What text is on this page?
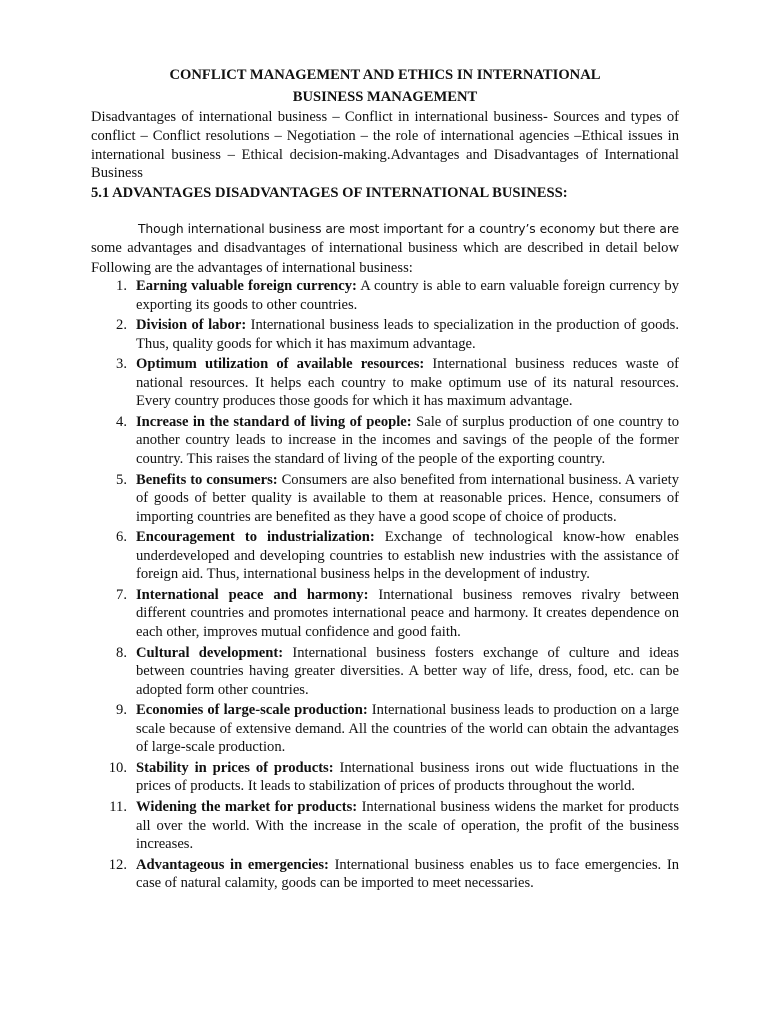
CONFLICT MANAGEMENT AND ETHICS IN INTERNATIONAL
BUSINESS MANAGEMENT

Disadvantages of international business – Conflict in international business- Sources and types of conflict – Conflict resolutions – Negotiation – the role of international agencies –Ethical issues in international business – Ethical decision-making.Advantages and Disadvantages of International Business

5.1 ADVANTAGES DISADVANTAGES OF INTERNATIONAL BUSINESS:

Though international business are most important for a country’s economy but there are some advantages and disadvantages of international business which are described in detail below Following are the advantages of international business:

1. Earning valuable foreign currency: A country is able to earn valuable foreign currency by exporting its goods to other countries.
2. Division of labor: International business leads to specialization in the production of goods. Thus, quality goods for which it has maximum advantage.
3. Optimum utilization of available resources: International business reduces waste of national resources. It helps each country to make optimum use of its natural resources. Every country produces those goods for which it has maximum advantage.
4. Increase in the standard of living of people: Sale of surplus production of one country to another country leads to increase in the incomes and savings of the people of the former country. This raises the standard of living of the people of the exporting country.
5. Benefits to consumers: Consumers are also benefited from international business. A variety of goods of better quality is available to them at reasonable prices. Hence, consumers of importing countries are benefited as they have a good scope of choice of products.
6. Encouragement to industrialization: Exchange of technological know-how enables underdeveloped and developing countries to establish new industries with the assistance of foreign aid. Thus, international business helps in the development of industry.
7. International peace and harmony: International business removes rivalry between different countries and promotes international peace and harmony. It creates dependence on each other, improves mutual confidence and good faith.
8. Cultural development: International business fosters exchange of culture and ideas between countries having greater diversities. A better way of life, dress, food, etc. can be adopted form other countries.
9. Economies of large-scale production: International business leads to production on a large scale because of extensive demand. All the countries of the world can obtain the advantages of large-scale production.
10. Stability in prices of products: International business irons out wide fluctuations in the prices of products. It leads to stabilization of prices of products throughout the world.
11. Widening the market for products: International business widens the market for products all over the world. With the increase in the scale of operation, the profit of the business increases.
12. Advantageous in emergencies: International business enables us to face emergencies. In case of natural calamity, goods can be imported to meet necessaries.
